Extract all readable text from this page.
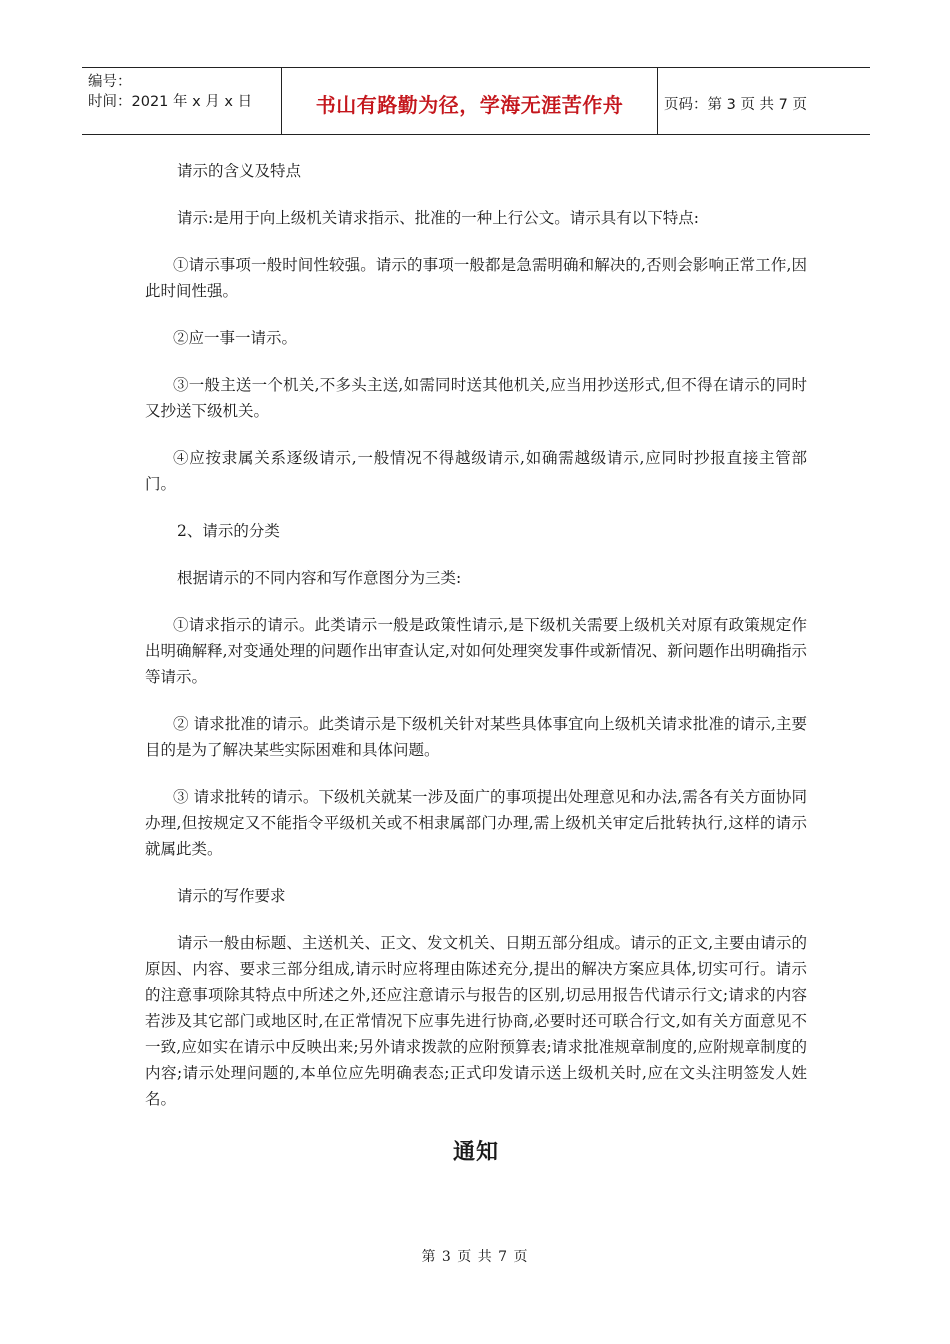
编号：
时间：2021 年 x 月 x 日	书山有路勤为径，学海无涯苦作舟	页码：第 3 页 共 7 页

请示的含义及特点

请示:是用于向上级机关请求指示、批准的一种上行公文。请示具有以下特点:

①请示事项一般时间性较强。请示的事项一般都是急需明确和解决的,否则会影响正常工作,因此时间性强。

②应一事一请示。

③一般主送一个机关,不多头主送,如需同时送其他机关,应当用抄送形式,但不得在请示的同时又抄送下级机关。

④应按隶属关系逐级请示,一般情况不得越级请示,如确需越级请示,应同时抄报直接主管部门。

2、请示的分类

根据请示的不同内容和写作意图分为三类:

①请求指示的请示。此类请示一般是政策性请示,是下级机关需要上级机关对原有政策规定作出明确解释,对变通处理的问题作出审查认定,对如何处理突发事件或新情况、新问题作出明确指示等请示。

② 请求批准的请示。此类请示是下级机关针对某些具体事宜向上级机关请求批准的请示,主要目的是为了解决某些实际困难和具体问题。

③ 请求批转的请示。下级机关就某一涉及面广的事项提出处理意见和办法,需各有关方面协同办理,但按规定又不能指令平级机关或不相隶属部门办理,需上级机关审定后批转执行,这样的请示就属此类。

请示的写作要求

请示一般由标题、主送机关、正文、发文机关、日期五部分组成。请示的正文,主要由请示的原因、内容、要求三部分组成,请示时应将理由陈述充分,提出的解决方案应具体,切实可行。请示的注意事项除其特点中所述之外,还应注意请示与报告的区别,切忌用报告代请示行文;请求的内容若涉及其它部门或地区时,在正常情况下应事先进行协商,必要时还可联合行文,如有关方面意见不一致,应如实在请示中反映出来;另外请求拨款的应附预算表;请求批准规章制度的,应附规章制度的内容;请示处理问题的,本单位应先明确表态;正式印发请示送上级机关时,应在文头注明签发人姓名。

通知
第 3 页 共 7 页
